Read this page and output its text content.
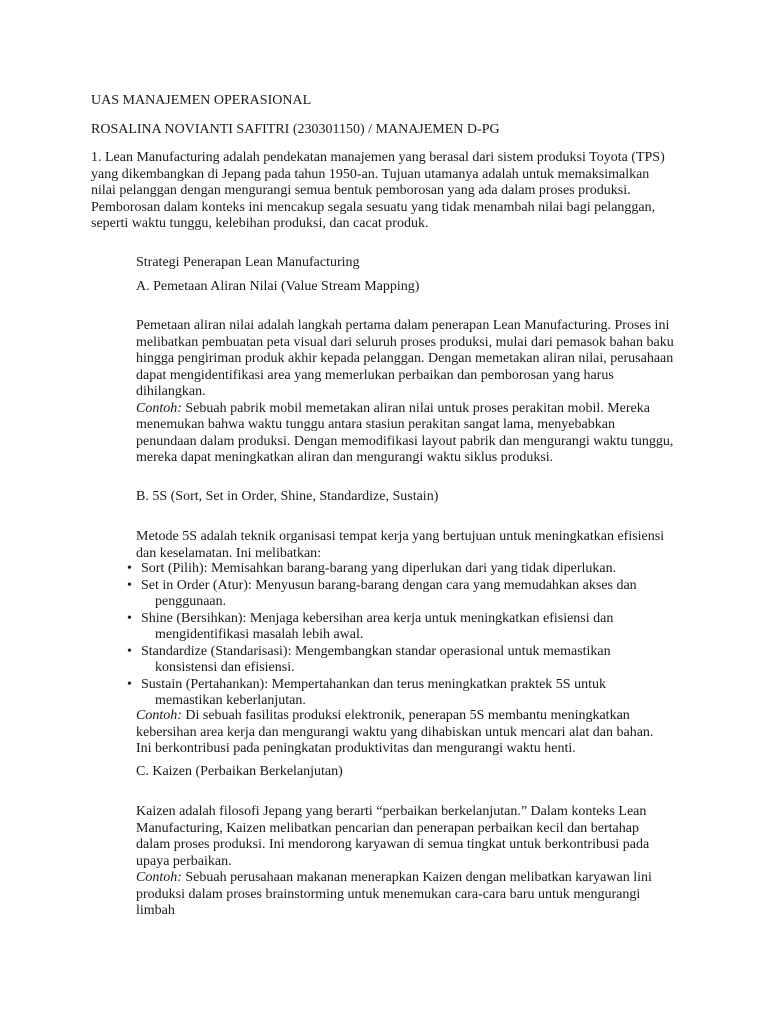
UAS MANAJEMEN OPERASIONAL

ROSALINA NOVIANTI SAFITRI (230301150) / MANAJEMEN D-PG

1. Lean Manufacturing adalah pendekatan manajemen yang berasal dari sistem produksi Toyota (TPS) yang dikembangkan di Jepang pada tahun 1950-an. Tujuan utamanya adalah untuk memaksimalkan nilai pelanggan dengan mengurangi semua bentuk pemborosan yang ada dalam proses produksi. Pemborosan dalam konteks ini mencakup segala sesuatu yang tidak menambah nilai bagi pelanggan, seperti waktu tunggu, kelebihan produksi, dan cacat produk.

Strategi Penerapan Lean Manufacturing

A. Pemetaan Aliran Nilai (Value Stream Mapping)

Pemetaan aliran nilai adalah langkah pertama dalam penerapan Lean Manufacturing. Proses ini melibatkan pembuatan peta visual dari seluruh proses produksi, mulai dari pemasok bahan baku hingga pengiriman produk akhir kepada pelanggan. Dengan memetakan aliran nilai, perusahaan dapat mengidentifikasi area yang memerlukan perbaikan dan pemborosan yang harus dihilangkan.

Contoh: Sebuah pabrik mobil memetakan aliran nilai untuk proses perakitan mobil. Mereka menemukan bahwa waktu tunggu antara stasiun perakitan sangat lama, menyebabkan penundaan dalam produksi. Dengan memodifikasi layout pabrik dan mengurangi waktu tunggu, mereka dapat meningkatkan aliran dan mengurangi waktu siklus produksi.

B. 5S (Sort, Set in Order, Shine, Standardize, Sustain)

Metode 5S adalah teknik organisasi tempat kerja yang bertujuan untuk meningkatkan efisiensi dan keselamatan. Ini melibatkan:

• Sort (Pilih): Memisahkan barang-barang yang diperlukan dari yang tidak diperlukan.
• Set in Order (Atur): Menyusun barang-barang dengan cara yang memudahkan akses dan
penggunaan.
• Shine (Bersihkan): Menjaga kebersihan area kerja untuk meningkatkan efisiensi dan
mengidentifikasi masalah lebih awal.
• Standardize (Standarisasi): Mengembangkan standar operasional untuk memastikan
konsistensi dan efisiensi.
• Sustain (Pertahankan): Mempertahankan dan terus meningkatkan praktek 5S untuk
memastikan keberlanjutan.

Contoh: Di sebuah fasilitas produksi elektronik, penerapan 5S membantu meningkatkan kebersihan area kerja dan mengurangi waktu yang dihabiskan untuk mencari alat dan bahan. Ini berkontribusi pada peningkatan produktivitas dan mengurangi waktu henti.

C. Kaizen (Perbaikan Berkelanjutan)

Kaizen adalah filosofi Jepang yang berarti “perbaikan berkelanjutan.” Dalam konteks Lean Manufacturing, Kaizen melibatkan pencarian dan penerapan perbaikan kecil dan bertahap dalam proses produksi. Ini mendorong karyawan di semua tingkat untuk berkontribusi pada upaya perbaikan.

Contoh: Sebuah perusahaan makanan menerapkan Kaizen dengan melibatkan karyawan lini produksi dalam proses brainstorming untuk menemukan cara-cara baru untuk mengurangi limbah
